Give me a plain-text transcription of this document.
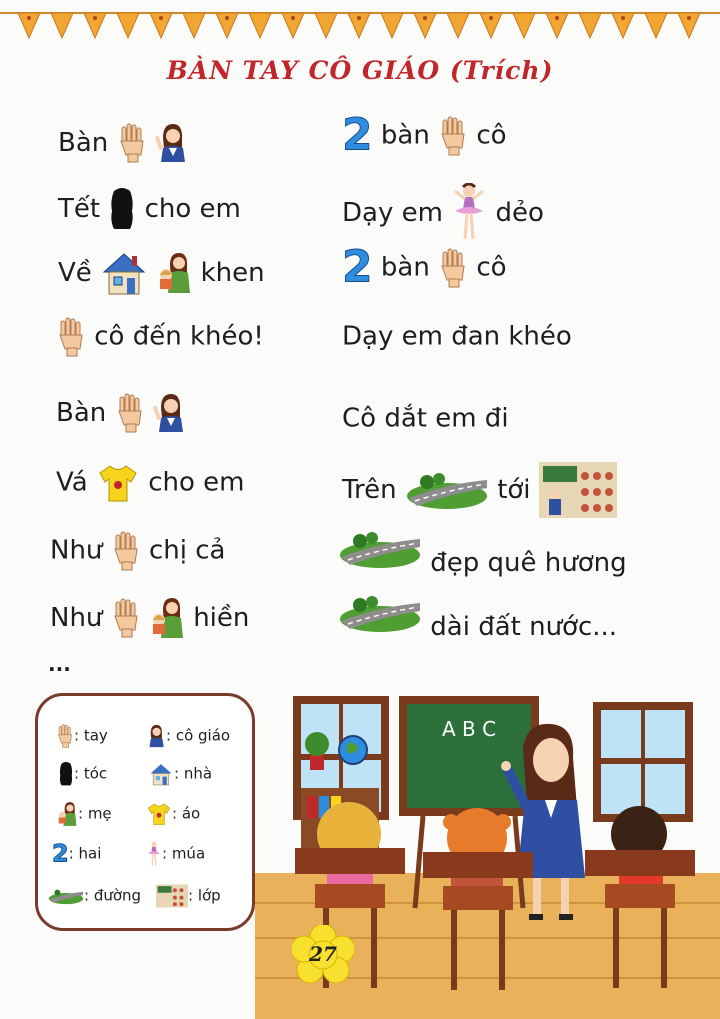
BÀN TAY CÔ GIÁO (Trích)
Bàn

Tết cho em
Về
	khen
cô đến khéo!
Bàn

Vá cho em
Như chị cả
Như
	hiền
2 bàn cô
Dạy em dẻo
2 bàn cô
Dạy em đan khéo
Cô dắt em đi
Trên	tới
đẹp quê hương
dài đất nước...
...
: tay	: cô giáo
: tóc	: nhà
: mẹ	: áo
2: hai	: múa
: đường	: lớp
A B C
27
